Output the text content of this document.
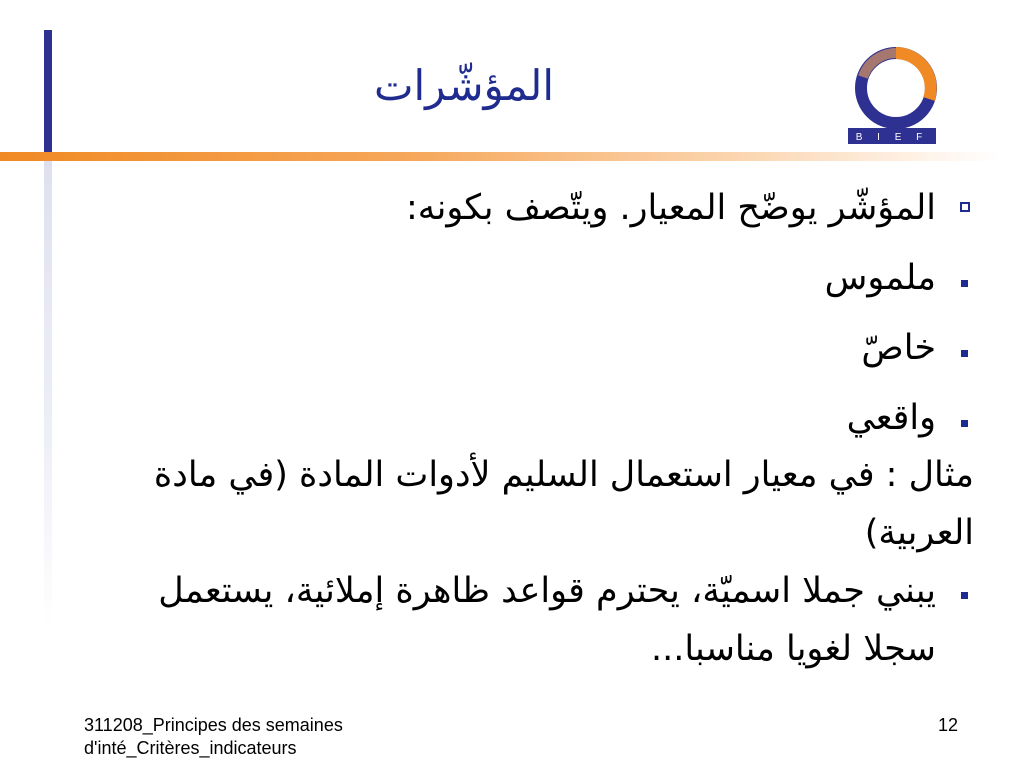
المؤشّرات
B I E F

المؤشّر يوضّح المعيار. ويتّصف بكونه:

ملموس

خاصّ

واقعي

مثال : في معيار استعمال السليم لأدوات المادة (في مادة العربية)

يبني جملا اسميّة، يحترم قواعد ظاهرة إملائية، يستعمل سجلا لغويا مناسبا...

311208_Principes des semaines
d'inté_Critères_indicateurs
12
